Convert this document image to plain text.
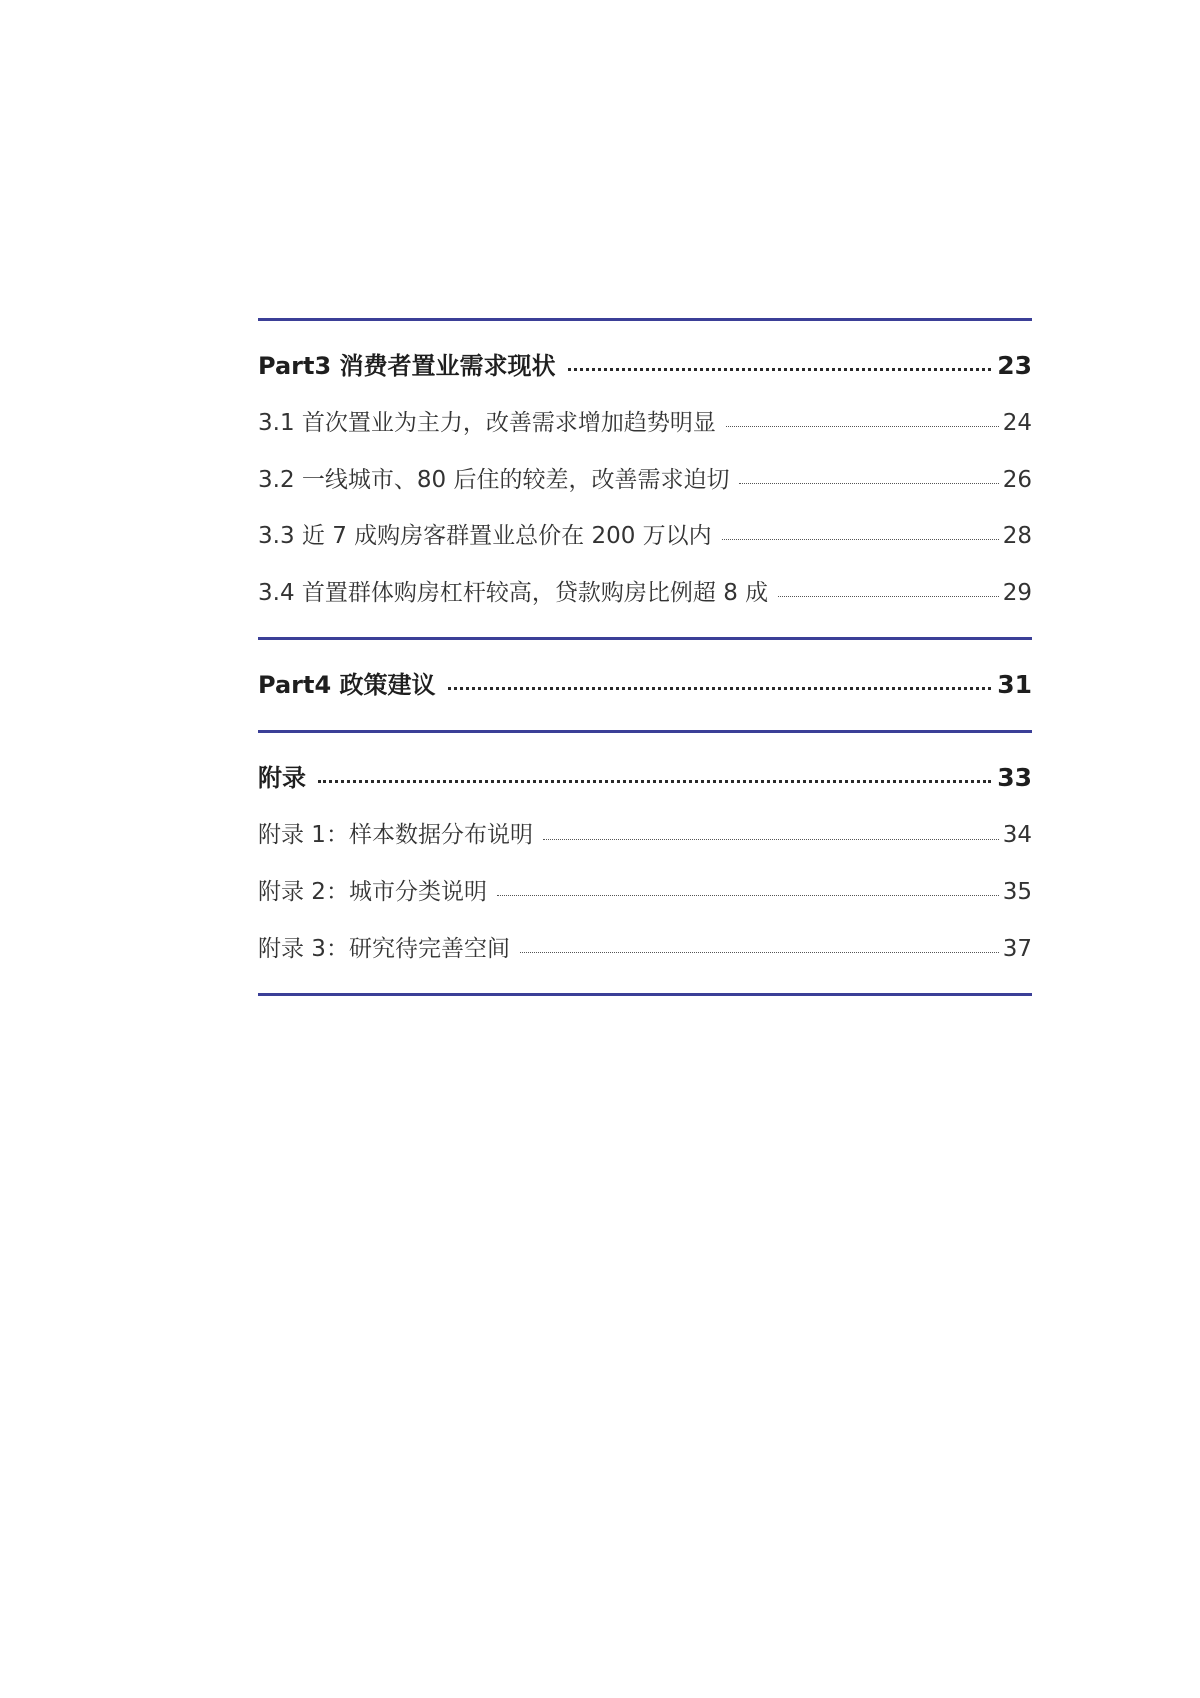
Part3 消费者置业需求现状	23
3.1 首次置业为主力，改善需求增加趋势明显	24
3.2 一线城市、80 后住的较差，改善需求迫切	26
3.3 近 7 成购房客群置业总价在 200 万以内	28
3.4 首置群体购房杠杆较高，贷款购房比例超 8 成	29
Part4 政策建议	31
附录	33
附录 1：样本数据分布说明	34
附录 2：城市分类说明	35
附录 3：研究待完善空间	37
